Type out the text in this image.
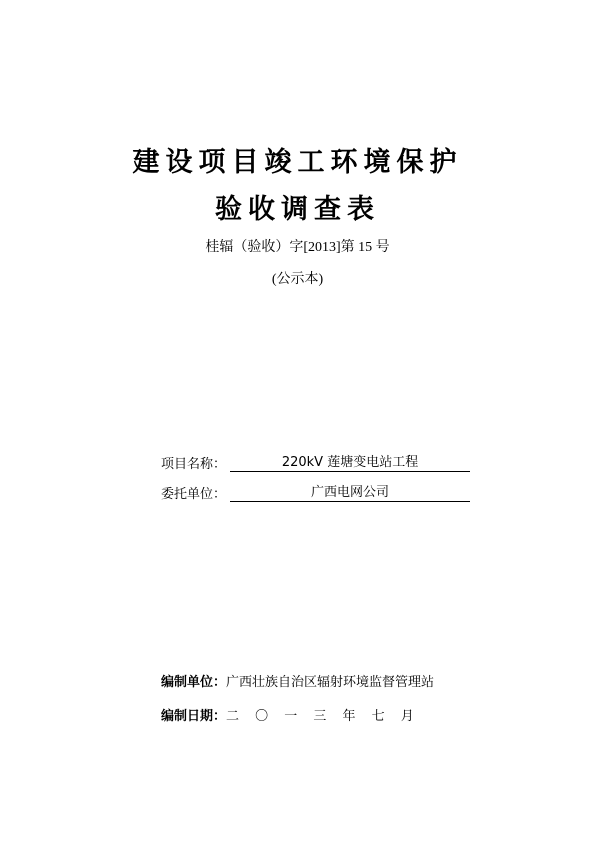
建设项目竣工环境保护
验收调查表
桂辐（验收）字[2013]第 15 号
(公示本)
项目名称：	220kV 莲塘变电站工程
委托单位：	广西电网公司
编制单位：广西壮族自治区辐射环境监督管理站
编制日期：二 〇 一 三 年 七 月
